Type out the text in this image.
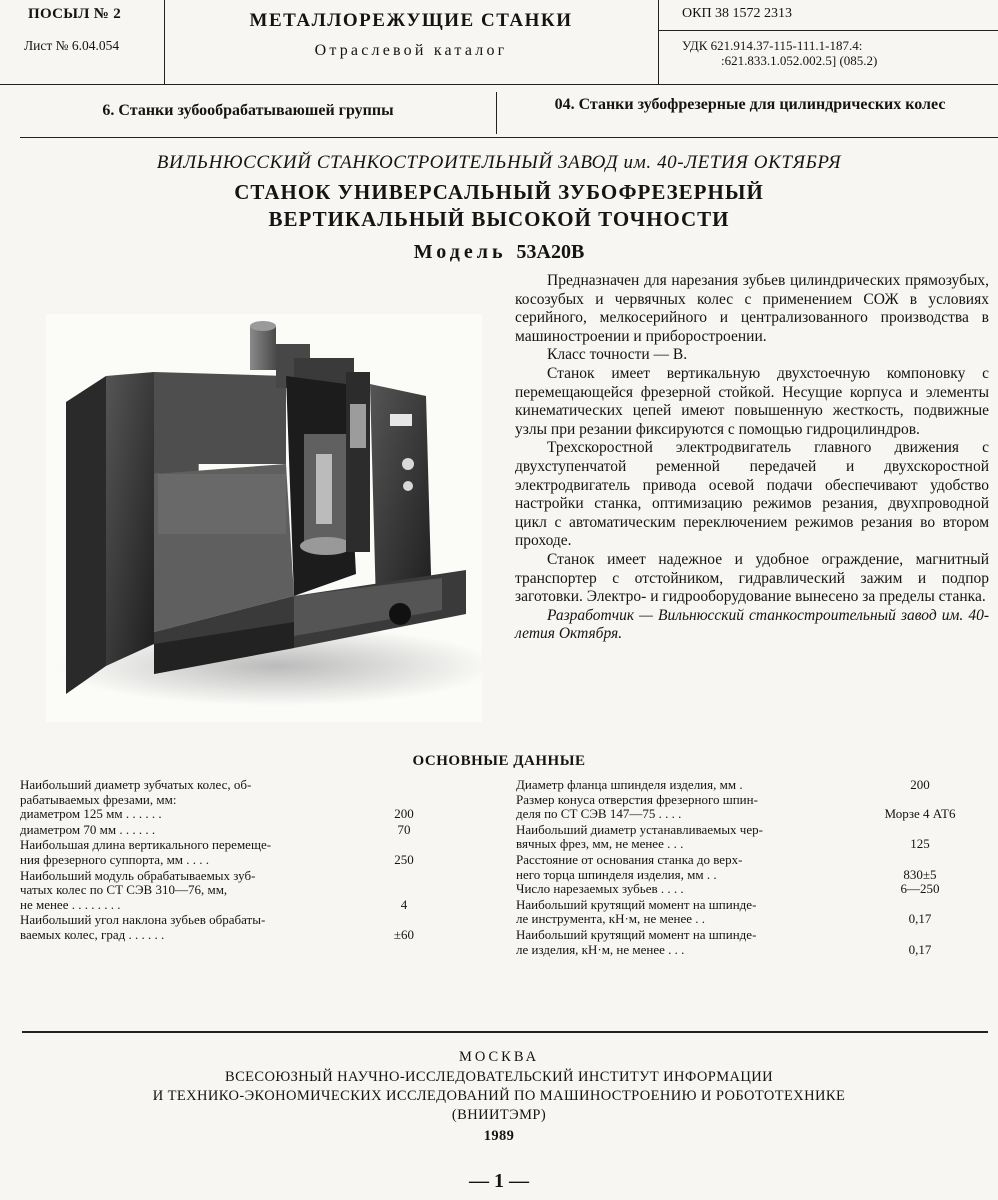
ПОСЫЛ № 2
Лист № 6.04.054
МЕТАЛЛОРЕЖУЩИЕ СТАНКИ
Отраслевой каталог
ОКП 38 1572 2313
УДК 621.914.37-115-111.1-187.4:
:621.833.1.052.002.5] (085.2)
6. Станки зубообрабатываюшей группы	04. Станки зубофрезерные для цилиндрических колес
ВИЛЬНЮССКИЙ СТАНКОСТРОИТЕЛЬНЫЙ ЗАВОД им. 40-ЛЕТИЯ ОКТЯБРЯ
СТАНОК УНИВЕРСАЛЬНЫЙ ЗУБОФРЕЗЕРНЫЙ
ВЕРТИКАЛЬНЫЙ ВЫСОКОЙ ТОЧНОСТИ
Модель 53А20В

Предназначен для нарезания зубьев цилиндрических прямозубых, косозубых и червячных колес с применением СОЖ в условиях серийного, мелкосерийного и централизованного производства в машиностроении и приборостроении.

Класс точности — В.

Станок имеет вертикальную двухстоечную компоновку с перемещающейся фрезерной стойкой. Несущие корпуса и элементы кинематических цепей имеют повышенную жесткость, подвижные узлы при резании фиксируются с помощью гидроцилиндров.

Трехскоростной электродвигатель главного движения с двухступенчатой ременной передачей и двухскоростной электродвигатель привода осевой подачи обеспечивают удобство настройки станка, оптимизацию режимов резания, двухпроводной цикл с автоматическим переключением режимов резания во втором проходе.

Станок имеет надежное и удобное ограждение, магнитный транспортер с отстойником, гидравлический зажим и подпор заготовки. Электро- и гидрооборудование вынесено за пределы станка.

Разработчик — Вильнюсский станкостроительный завод им. 40-летия Октября.

ОСНОВНЫЕ ДАННЫЕ
Наибольший диаметр зубчатых колес, об-
рабатываемых фрезами, мм:
диаметром 125 мм . . . . . .	200
диаметром 70 мм . . . . . .	70
Наибольшая длина вертикального перемеще-
ния фрезерного суппорта, мм . . . .	250
Наибольший модуль обрабатываемых зуб-
чатых колес по СТ СЭВ 310—76, мм,
не менее . . . . . . . .	4
Наибольший угол наклона зубьев обрабаты-
ваемых колес, град . . . . . .	±60
Диаметр фланца шпинделя изделия, мм .	200
Размер конуса отверстия фрезерного шпин-
деля по СТ СЭВ 147—75 . . . .	Морзе 4 АТ6
Наибольший диаметр устанавливаемых чер-
вячных фрез, мм, не менее . . .	125
Расстояние от основания станка до верх-
него торца шпинделя изделия, мм . .	830±5
Число нарезаемых зубьев . . . .	6—250
Наибольший крутящий момент на шпинде-
ле инструмента, кН·м, не менее . .	0,17
Наибольший крутящий момент на шпинде-
ле изделия, кН·м, не менее . . .	0,17
МОСКВА
ВСЕСОЮЗНЫЙ НАУЧНО-ИССЛЕДОВАТЕЛЬСКИЙ ИНСТИТУТ ИНФОРМАЦИИ
И ТЕХНИКО-ЭКОНОМИЧЕСКИХ ИССЛЕДОВАНИЙ ПО МАШИНОСТРОЕНИЮ И РОБОТОТЕХНИКЕ
(ВНИИТЭМР)
1989
— 1 —
